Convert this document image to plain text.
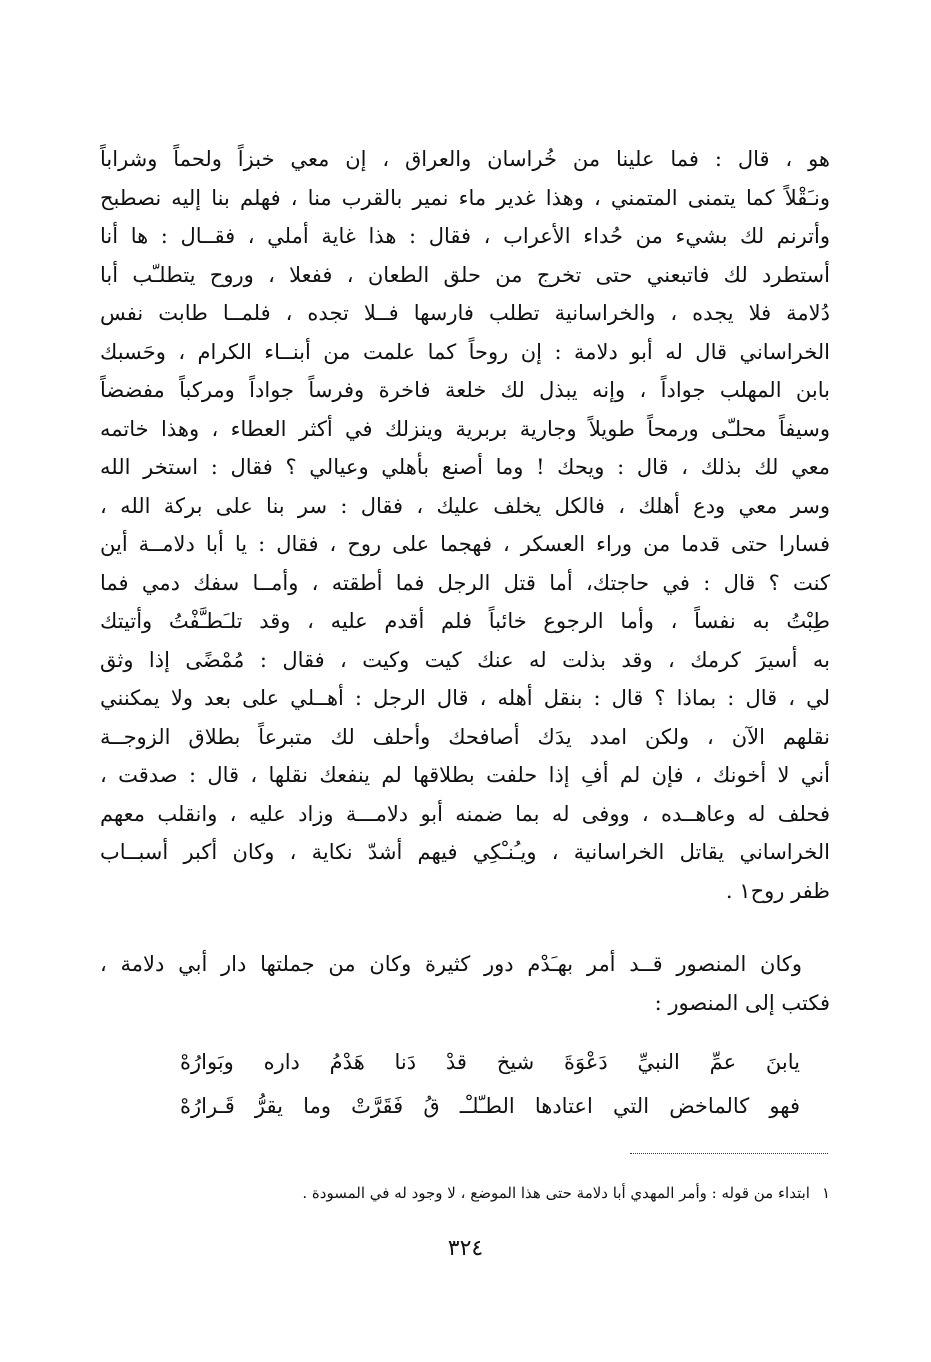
هو ، قال : فما علينا من خُراسان والعراق ، إن معي خبزاً ولحماً وشراباً
ونـَقْلاً كما يتمنى المتمني ، وهذا غدير ماء نمير بالقرب منا ، فهلم بنا إليه نصطبح
وأترنم لك بشيء من حُداء الأعراب ، فقال : هذا غاية أملي ، فقــال : ها أنا
أستطرد لك فاتبعني حتى تخرج من حلق الطعان ، ففعلا ، وروح يتطلـّب أبا
دُلامة فلا يجده ، والخراسانية تطلب فارسها فــلا تجده ، فلمــا طابت نفس
الخراساني قال له أبو دلامة : إن روحاً كما علمت من أبنــاء الكرام ، وحَسبك
بابن المهلب جواداً ، وإنه يبذل لك خلعة فاخرة وفرساً جواداً ومركباً مفضضاً
وسيفاً محلـّى ورمحاً طويلاً وجارية بربرية وينزلك في أكثر العطاء ، وهذا خاتمه
معي لك بذلك ، قال : ويحك ! وما أصنع بأهلي وعيالي ؟ فقال : استخر الله
وسر معي ودع أهلك ، فالكل يخلف عليك ، فقال : سر بنا على بركة الله ،
فسارا حتى قدما من وراء العسكر ، فهجما على روح ، فقال : يا أبا دلامــة أين
كنت ؟ قال : في حاجتك، أما قتل الرجل فما أطقته ، وأمــا سفك دمي فما
طِبْتُ به نفساً ، وأما الرجوع خائباً فلم أقدم عليه ، وقد تلـَطـَّفْتُ وأتيتك
به أسيرَ كرمك ، وقد بذلت له عنك كيت وكيت ، فقال : مُمْضًى إذا وثق
لي ، قال : بماذا ؟ قال : بنقل أهله ، قال الرجل : أهــلي على بعد ولا يمكنني
نقلهم الآن ، ولكن امدد يدَك أصافحك وأحلف لك متبرعاً بطلاق الزوجــة
أني لا أخونك ، فإن لم أفِ إذا حلفت بطلاقها لم ينفعك نقلها ، قال : صدقت ،
فحلف له وعاهــده ، ووفى له بما ضمنه أبو دلامـــة وزاد عليه ، وانقلب معهم
الخراساني يقاتل الخراسانية ، ويـُنـْكِي فيهم أشدّ نكاية ، وكان أكبر أسبــاب
ظفر روح١ .
وكان المنصور قــد أمر بهـَدْم دور كثيرة وكان من جملتها دار أبي دلامة ،
فكتب إلى المنصور :
يابنَ عمِّ النبيِّ دَعْوَةَ شيخ قدْ دَنا هَدْمُ داره وبَوارُهْ
فهو كالماخض التي اعتادها الطـّلـْـ قُ فَقَرَّتْ وما يقرُّ قَـرارُهْ
١ابتداء من قوله : وأمر المهدي أبا دلامة حتى هذا الموضع ، لا وجود له في المسودة .
٣٢٤
